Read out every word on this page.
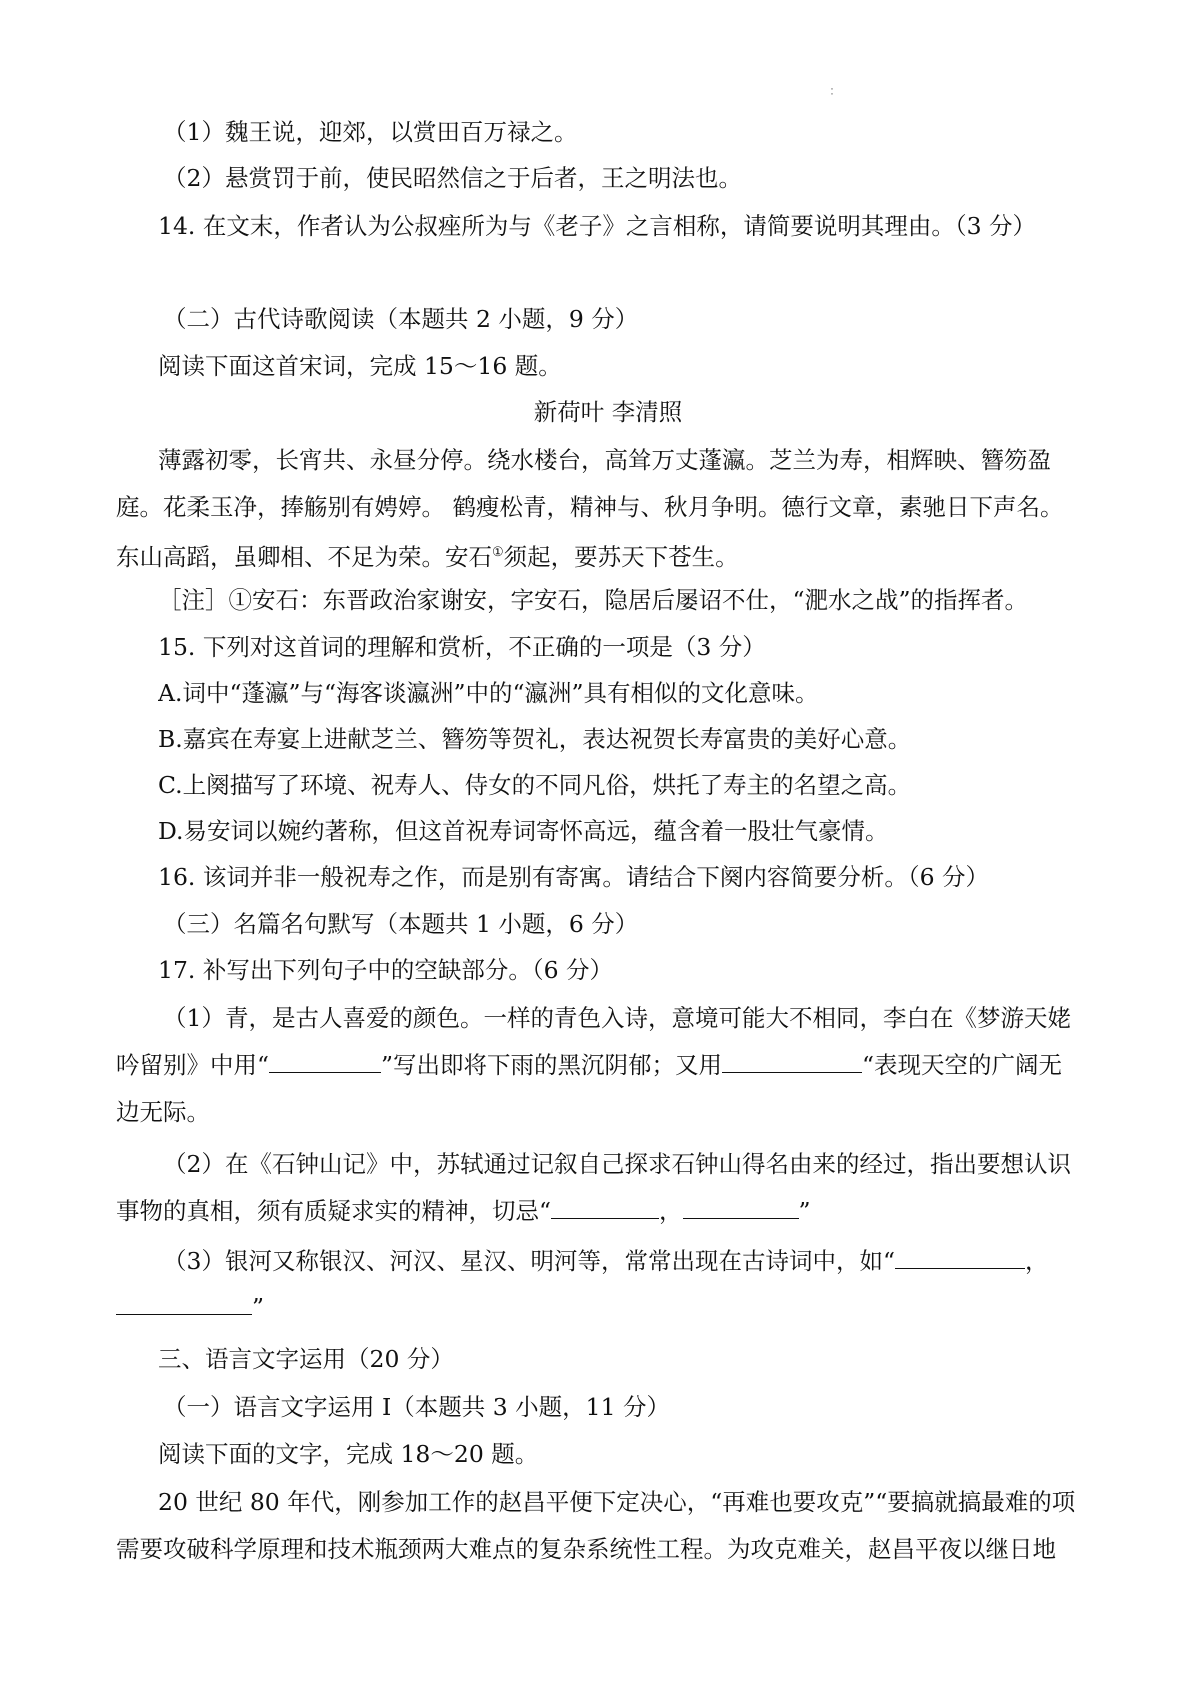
﹕
（1）魏王说，迎郊，以赏田百万禄之。
（2）悬赏罚于前，使民昭然信之于后者，王之明法也。
14. 在文末，作者认为公叔痤所为与《老子》之言相称，请简要说明其理由。（3 分）
（二）古代诗歌阅读（本题共 2 小题，9 分）
阅读下面这首宋词，完成 15～16 题。
新荷叶 李清照
薄露初零，长宵共、永昼分停。绕水楼台，高耸万丈蓬瀛。芝兰为寿，相辉映、簪笏盈
庭。花柔玉净，捧觞别有娉婷。 鹤瘦松青，精神与、秋月争明。德行文章，素驰日下声名。
东山高蹈，虽卿相、不足为荣。安石①须起，要苏天下苍生。
［注］①安石：东晋政治家谢安，字安石，隐居后屡诏不仕，“淝水之战”的指挥者。
15. 下列对这首词的理解和赏析，不正确的一项是（3 分）
A.词中“蓬瀛”与“海客谈瀛洲”中的“瀛洲”具有相似的文化意味。
B.嘉宾在寿宴上进献芝兰、簪笏等贺礼，表达祝贺长寿富贵的美好心意。
C.上阕描写了环境、祝寿人、侍女的不同凡俗，烘托了寿主的名望之高。
D.易安词以婉约著称，但这首祝寿词寄怀高远，蕴含着一股壮气豪情。
16. 该词并非一般祝寿之作，而是别有寄寓。请结合下阕内容简要分析。（6 分）
（三）名篇名句默写（本题共 1 小题，6 分）
17. 补写出下列句子中的空缺部分。（6 分）
（1）青，是古人喜爱的颜色。一样的青色入诗，意境可能大不相同，李白在《梦游天姥
吟留别》中用“	”写出即将下雨的黑沉阴郁；又用	“表现天空的广阔无
边无际。
（2）在《石钟山记》中，苏轼通过记叙自己探求石钟山得名由来的经过，指出要想认识
事物的真相，须有质疑求实的精神，切忌“	，	”
（3）银河又称银汉、河汉、星汉、明河等，常常出现在古诗词中，如“	，
”
三、语言文字运用（20 分）
（一）语言文字运用 I（本题共 3 小题，11 分）
阅读下面的文字，完成 18～20 题。
20 世纪 80 年代，刚参加工作的赵昌平便下定决心，“再难也要攻克”“要搞就搞最难的项
需要攻破科学原理和技术瓶颈两大难点的复杂系统性工程。为攻克难关，赵昌平夜以继日地
